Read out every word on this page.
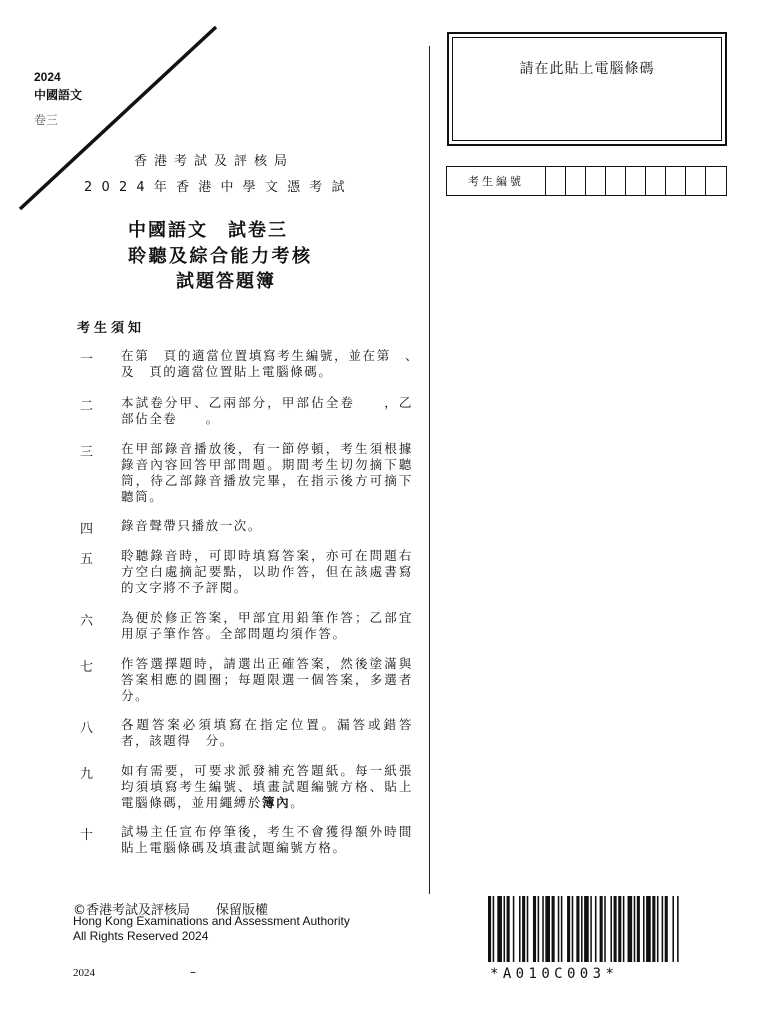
2024
中國語文
卷三
香港考試及評核局
2024年香港中學文憑考試
中國語文　試卷三
聆聽及綜合能力考核
試題答題簿
考生須知
一 在第　頁的適當位置填寫考生編號，並在第　、　及　頁的適當位置貼上電腦條碼。
二 本試卷分甲、乙兩部分，甲部佔全卷　　，乙部佔全卷　　。
三 在甲部錄音播放後，有一節停頓，考生須根據錄音內容回答甲部問題。期間考生切勿摘下聽筒，待乙部錄音播放完畢，在指示後方可摘下聽筒。
四 錄音聲帶只播放一次。
五 聆聽錄音時，可即時填寫答案，亦可在問題右方空白處摘記要點，以助作答，但在該處書寫的文字將不予評閱。
六 為便於修正答案，甲部宜用鉛筆作答；乙部宜用原子筆作答。全部問題均須作答。
七 作答選擇題時，請選出正確答案，然後塗滿與答案相應的圓圈；每題限選一個答案，多選者　分。
八 各題答案必須填寫在指定位置。漏答或錯答者，該題得　分。
九 如有需要，可要求派發補充答題紙。每一紙張均須填寫考生編號、填畫試題編號方格、貼上電腦條碼，並用繩縛於簿內。
十 試場主任宣布停筆後，考生不會獲得額外時間貼上電腦條碼及填畫試題編號方格。
請在此貼上電腦條碼
考生編號
©香港考試及評核局　　保留版權
Hong Kong Examinations and Assessment Authority
All Rights Reserved 2024
2024	–	*A010C003*
